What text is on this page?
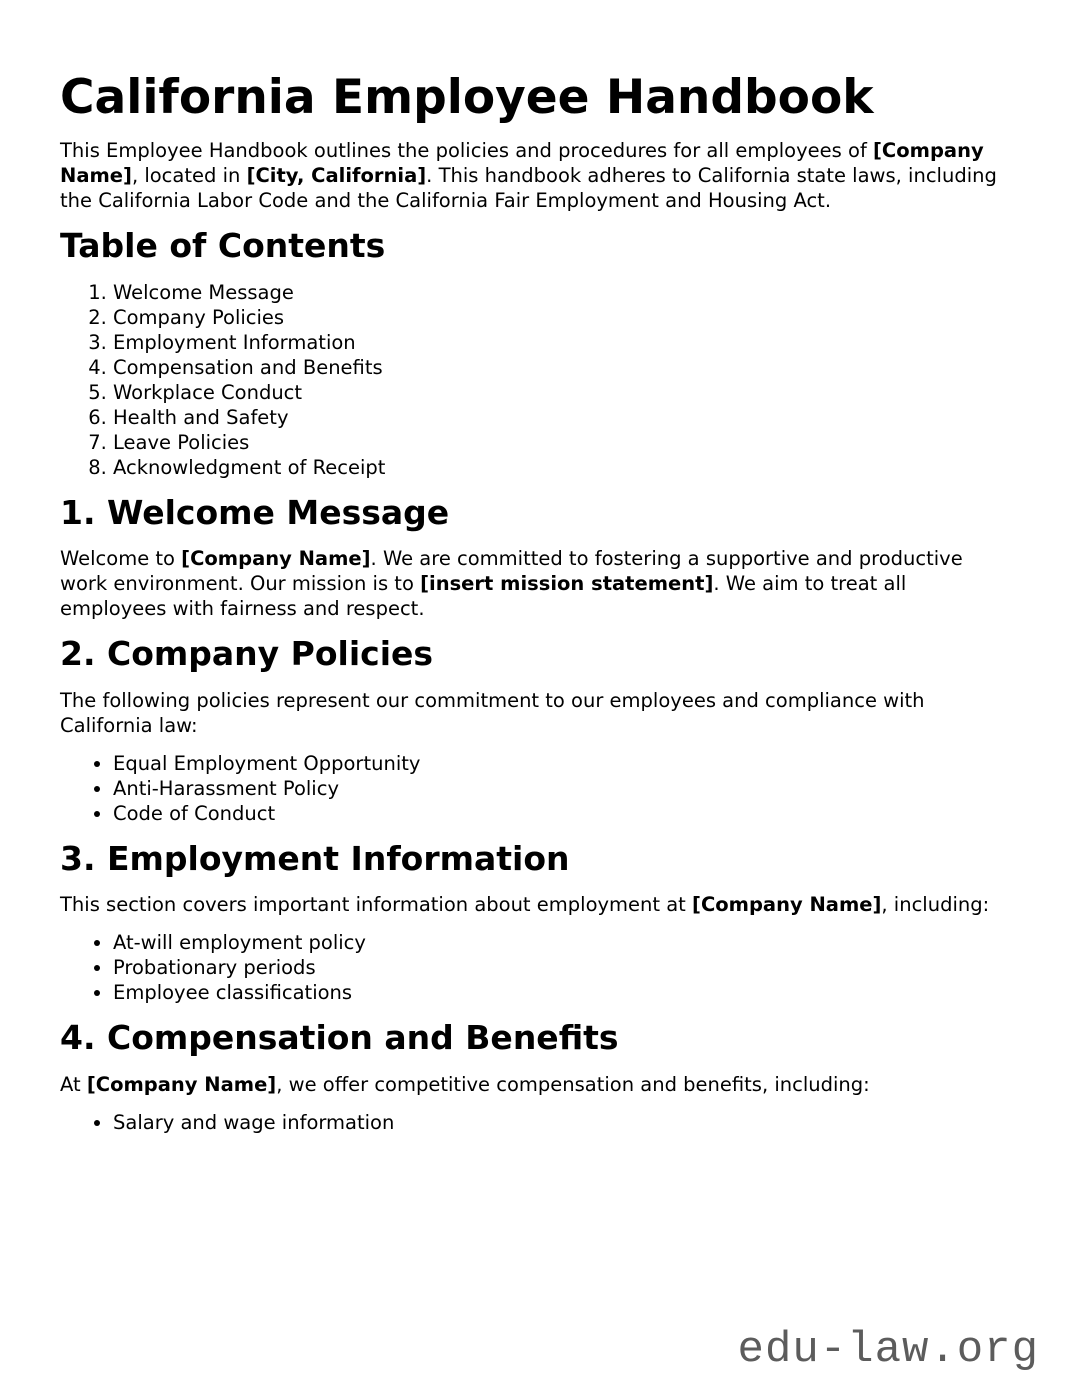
California Employee Handbook

This Employee Handbook outlines the policies and procedures for all employees of [Company Name], located in [City, California]. This handbook adheres to California state laws, including the California Labor Code and the California Fair Employment and Housing Act.

Table of Contents
1. Welcome Message
2. Company Policies
3. Employment Information
4. Compensation and Benefits
5. Workplace Conduct
6. Health and Safety
7. Leave Policies
8. Acknowledgment of Receipt
1. Welcome Message

Welcome to [Company Name]. We are committed to fostering a supportive and productive work environment. Our mission is to [insert mission statement]. We aim to treat all employees with fairness and respect.

2. Company Policies

The following policies represent our commitment to our employees and compliance with California law:

• Equal Employment Opportunity
• Anti-Harassment Policy
• Code of Conduct
3. Employment Information

This section covers important information about employment at [Company Name], including:

• At-will employment policy
• Probationary periods
• Employee classifications
4. Compensation and Benefits

At [Company Name], we offer competitive compensation and benefits, including:

• Salary and wage information
edu-law.org
